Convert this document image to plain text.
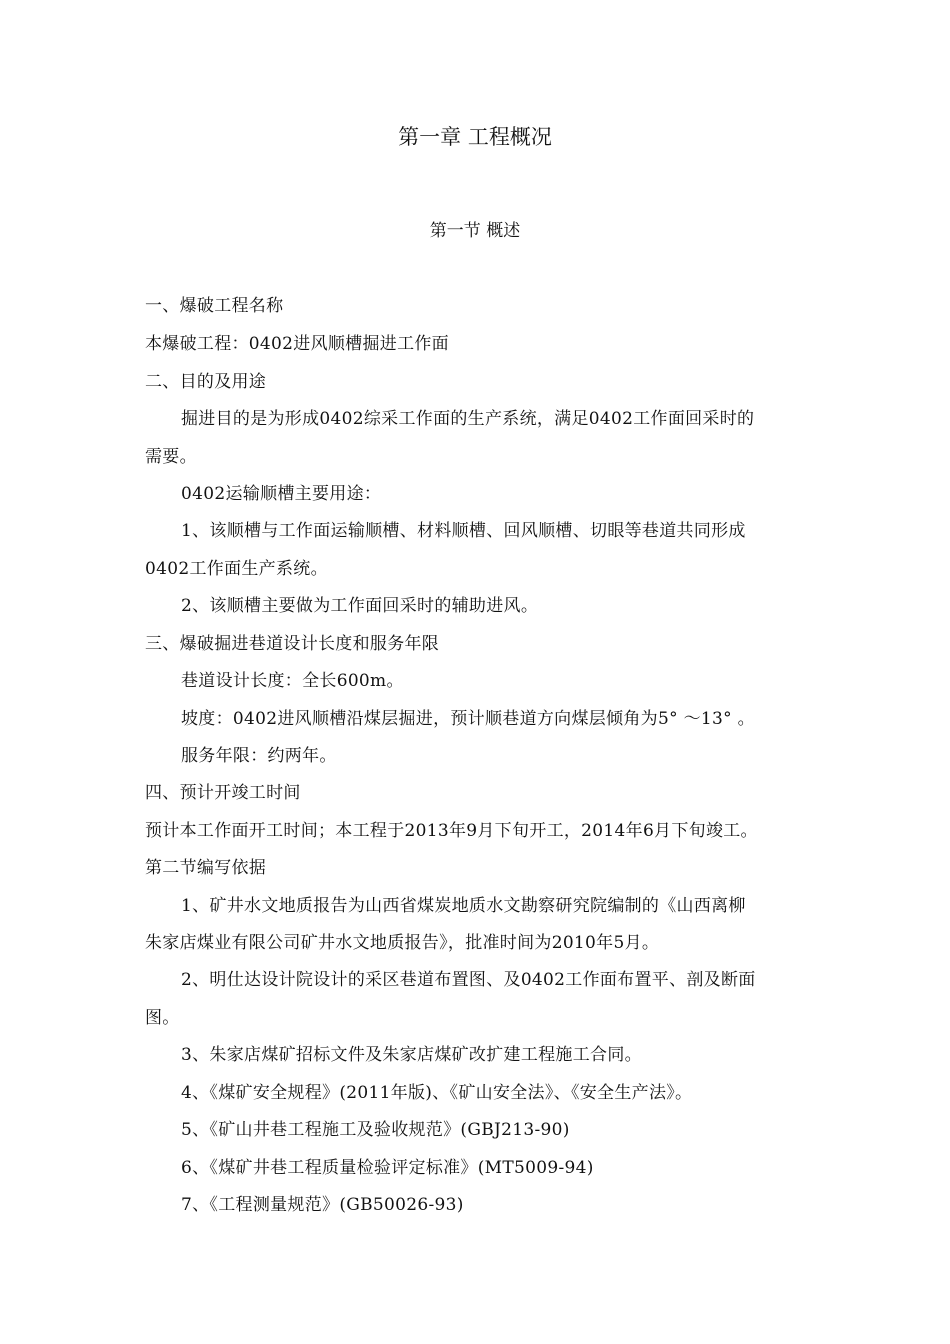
第一章 工程概况
第一节 概述
一、爆破工程名称
本爆破工程：0402进风顺槽掘进工作面
二、目的及用途
掘进目的是为形成0402综采工作面的生产系统，满足0402工作面回采时的
需要。
0402运输顺槽主要用途：
1、该顺槽与工作面运输顺槽、材料顺槽、回风顺槽、切眼等巷道共同形成
0402工作面生产系统。
2、该顺槽主要做为工作面回采时的辅助进风。
三、爆破掘进巷道设计长度和服务年限
巷道设计长度：全长600m。
坡度：0402进风顺槽沿煤层掘进，预计顺巷道方向煤层倾角为5° ～13° 。
服务年限：约两年。
四、预计开竣工时间
预计本工作面开工时间；本工程于2013年9月下旬开工，2014年6月下旬竣工。
第二节编写依据
1、矿井水文地质报告为山西省煤炭地质水文勘察研究院编制的《山西离柳
朱家店煤业有限公司矿井水文地质报告》，批准时间为2010年5月。
2、明仕达设计院设计的采区巷道布置图、及0402工作面布置平、剖及断面
图。
3、朱家店煤矿招标文件及朱家店煤矿改扩建工程施工合同。
4、《煤矿安全规程》(2011年版)、《矿山安全法》、《安全生产法》。
5、《矿山井巷工程施工及验收规范》(GBJ213-90)
6、《煤矿井巷工程质量检验评定标准》(MT5009-94)
7、《工程测量规范》(GB50026-93)
